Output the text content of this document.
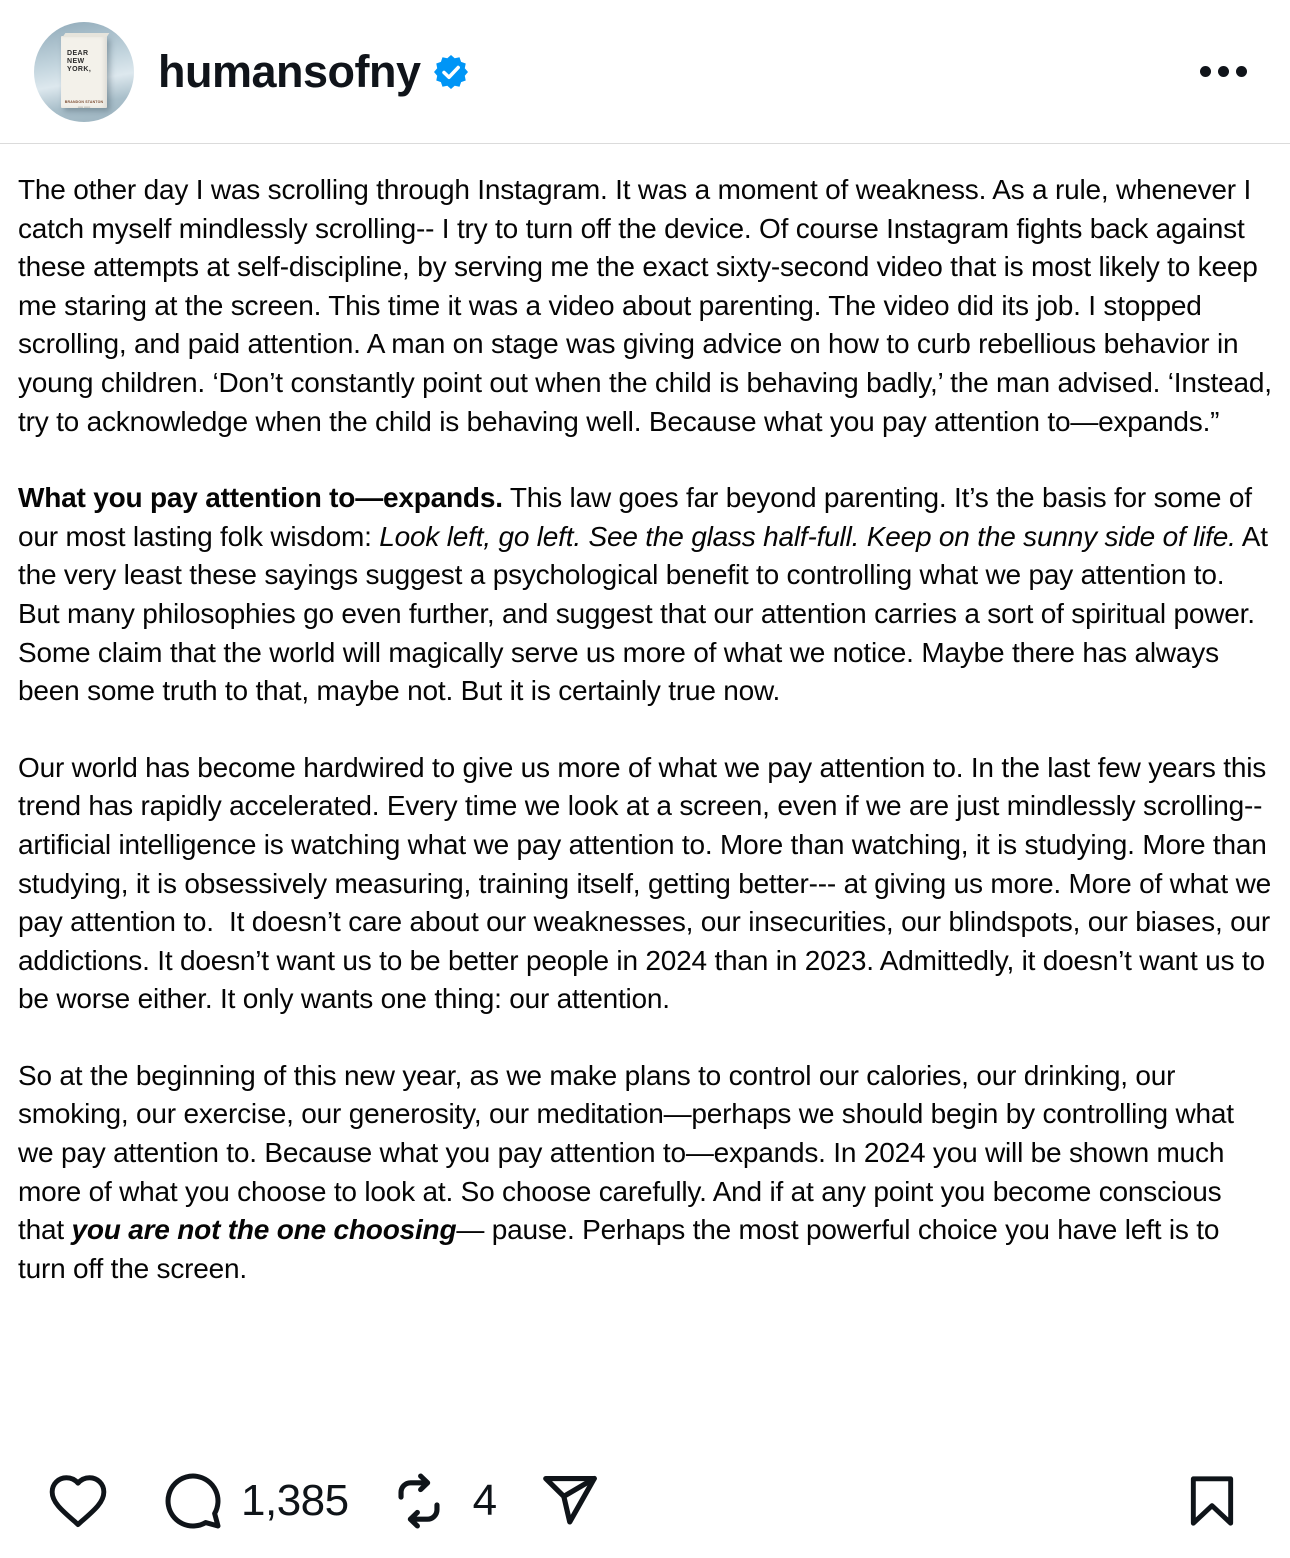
DEAR
NEW YORK,
BRANDON STANTON
▪▪▪▪▪ ▪▪▪▪▪▪
humansofny

The other day I was scrolling through Instagram. It was a moment of weakness. As a rule, whenever I catch myself mindlessly scrolling-- I try to turn off the device. Of course Instagram fights back against these attempts at self-discipline, by serving me the exact sixty-second video that is most likely to keep me staring at the screen. This time it was a video about parenting. The video did its job. I stopped scrolling, and paid attention. A man on stage was giving advice on how to curb rebellious behavior in young children. ‘Don’t constantly point out when the child is behaving badly,’ the man advised. ‘Instead, try to acknowledge when the child is behaving well. Because what you pay attention to—expands.”

What you pay attention to—expands. This law goes far beyond parenting. It’s the basis for some of our most lasting folk wisdom: Look left, go left. See the glass half-full. Keep on the sunny side of life. At the very least these sayings suggest a psychological benefit to controlling what we pay attention to. But many philosophies go even further, and suggest that our attention carries a sort of spiritual power. Some claim that the world will magically serve us more of what we notice. Maybe there has always been some truth to that, maybe not. But it is certainly true now.

Our world has become hardwired to give us more of what we pay attention to. In the last few years this trend has rapidly accelerated. Every time we look at a screen, even if we are just mindlessly scrolling-- artificial intelligence is watching what we pay attention to. More than watching, it is studying. More than studying, it is obsessively measuring, training itself, getting better--- at giving us more. More of what we pay attention to.  It doesn’t care about our weaknesses, our insecurities, our blindspots, our biases, our addictions. It doesn’t want us to be better people in 2024 than in 2023. Admittedly, it doesn’t want us to be worse either. It only wants one thing: our attention.

So at the beginning of this new year, as we make plans to control our calories, our drinking, our smoking, our exercise, our generosity, our meditation—perhaps we should begin by controlling what we pay attention to. Because what you pay attention to—expands. In 2024 you will be shown much more of what you choose to look at. So choose carefully. And if at any point you become conscious that you are not the one choosing— pause. Perhaps the most powerful choice you have left is to turn off the screen.

1,385	4
